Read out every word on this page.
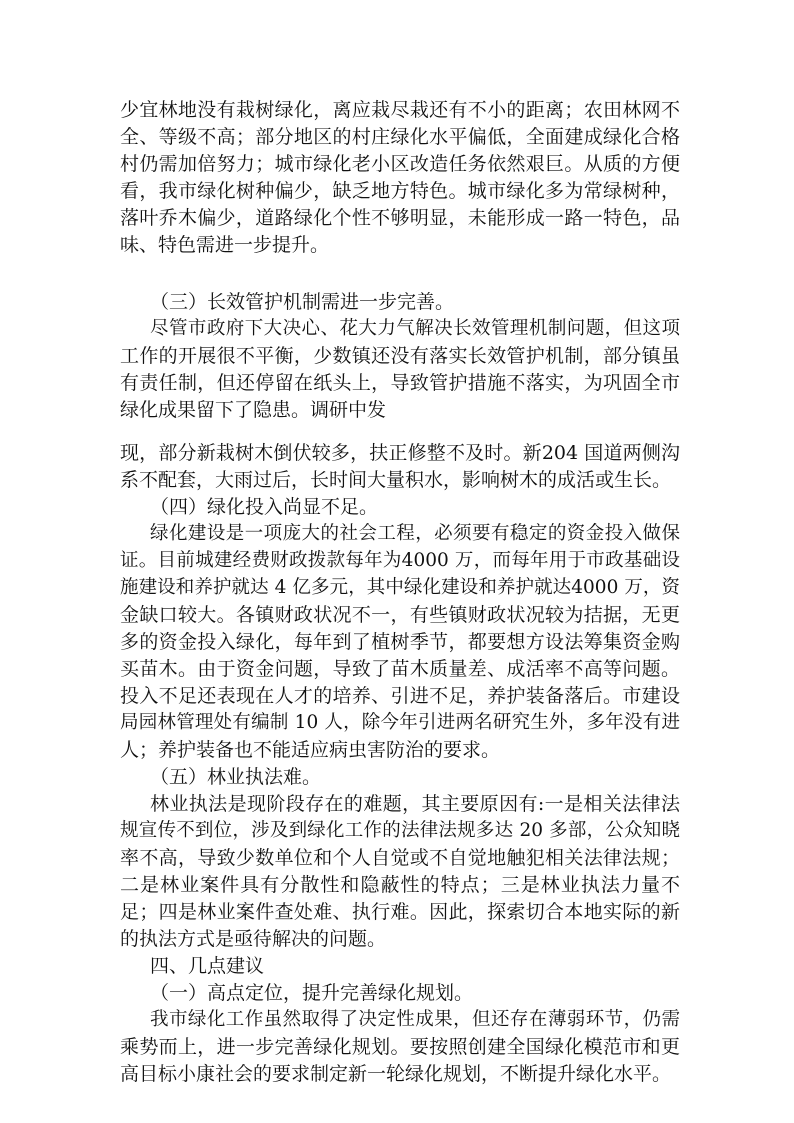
少宜林地没有栽树绿化，离应栽尽栽还有不小的距离；农田林网不
全、等级不高；部分地区的村庄绿化水平偏低，全面建成绿化合格
村仍需加倍努力；城市绿化老小区改造任务依然艰巨。从质的方便
看，我市绿化树种偏少，缺乏地方特色。城市绿化多为常绿树种，
落叶乔木偏少，道路绿化个性不够明显，未能形成一路一特色，品
味、特色需进一步提升。
（三）长效管护机制需进一步完善。
尽管市政府下大决心、花大力气解决长效管理机制问题，但这项
工作的开展很不平衡，少数镇还没有落实长效管护机制，部分镇虽
有责任制，但还停留在纸头上，导致管护措施不落实，为巩固全市
绿化成果留下了隐患。调研中发
现，部分新栽树木倒伏较多，扶正修整不及时。新204 国道两侧沟
系不配套，大雨过后，长时间大量积水，影响树木的成活或生长。
（四）绿化投入尚显不足。
绿化建设是一项庞大的社会工程，必须要有稳定的资金投入做保
证。目前城建经费财政拨款每年为4000 万，而每年用于市政基础设
施建设和养护就达 4 亿多元，其中绿化建设和养护就达4000 万，资
金缺口较大。各镇财政状况不一，有些镇财政状况较为拮据，无更
多的资金投入绿化，每年到了植树季节，都要想方设法筹集资金购
买苗木。由于资金问题，导致了苗木质量差、成活率不高等问题。
投入不足还表现在人才的培养、引进不足，养护装备落后。市建设
局园林管理处有编制 10 人，除今年引进两名研究生外，多年没有进
人；养护装备也不能适应病虫害防治的要求。
（五）林业执法难。
林业执法是现阶段存在的难题，其主要原因有:一是相关法律法
规宣传不到位，涉及到绿化工作的法律法规多达 20 多部，公众知晓
率不高，导致少数单位和个人自觉或不自觉地触犯相关法律法规；
二是林业案件具有分散性和隐蔽性的特点；三是林业执法力量不
足；四是林业案件查处难、执行难。因此，探索切合本地实际的新
的执法方式是亟待解决的问题。
四、几点建议
（一）高点定位，提升完善绿化规划。
我市绿化工作虽然取得了决定性成果，但还存在薄弱环节，仍需
乘势而上，进一步完善绿化规划。要按照创建全国绿化模范市和更
高目标小康社会的要求制定新一轮绿化规划，不断提升绿化水平。
